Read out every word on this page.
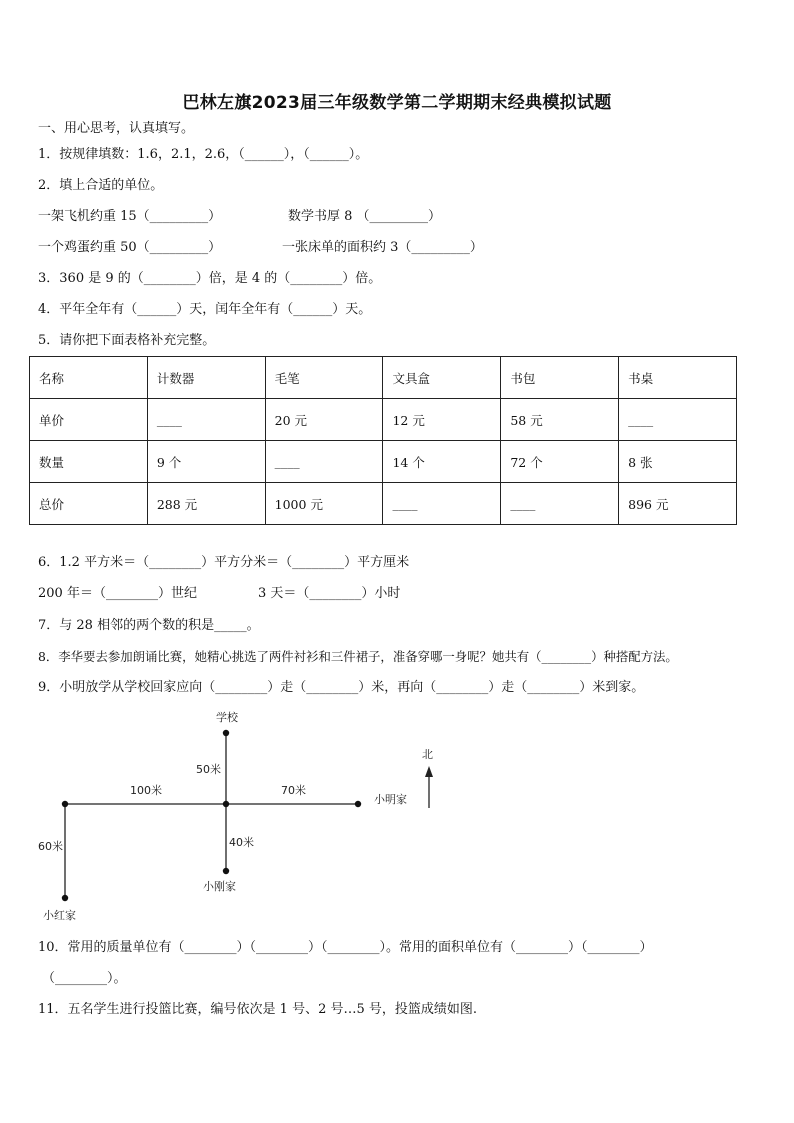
巴林左旗2023届三年级数学第二学期期末经典模拟试题
一、用心思考，认真填写。
1．按规律填数：1.6，2.1，2.6，（______），（______）。
2．填上合适的单位。
一架飞机约重 15（_________）	数学书厚 8 （_________）
一个鸡蛋约重 50（_________）	一张床单的面积约 3（_________）
3．360 是 9 的（________）倍，是 4 的（________）倍。
4．平年全年有（______）天，闰年全年有（______）天。
5．请你把下面表格补充完整。
名称	计数器	毛笔	文具盒	书包	书桌
单价	____	20 元	12 元	58 元	____
数量	9 个	____	14 个	72 个	8 张
总价	288 元	1000 元	____	____	896 元
6．1.2 平方米＝（________）平方分米＝（________）平方厘米
200 年＝（________）世纪	3 天＝（________）小时
7．与 28 相邻的两个数的积是_____。
8．李华要去参加朗诵比赛，她精心挑选了两件衬衫和三件裙子，准备穿哪一身呢？她共有（________）种搭配方法。
9．小明放学从学校回家应向（________）走（________）米，再向（________）走（________）米到家。
学校
北
50米
100米	70米
小明家
60米	40米
小刚家
小红家
10．常用的质量单位有（________）（________）（________）。常用的面积单位有（________）（________）
（________）。
11．五名学生进行投篮比赛，编号依次是 1 号、2 号…5 号，投篮成绩如图.
